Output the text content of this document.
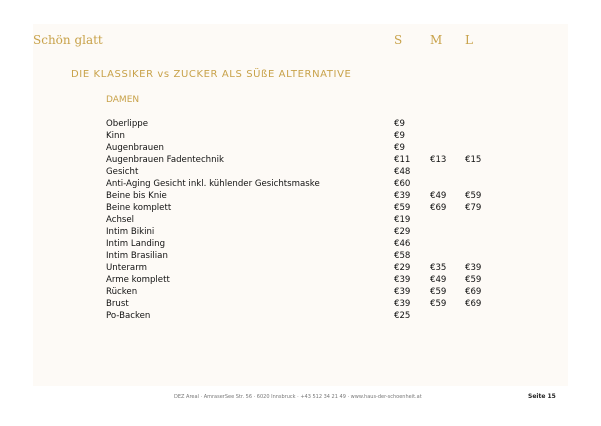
Schön glatt	S M L
DIE KLASSIKER vs ZUCKER ALS SÜßE ALTERNATIVE
DAMEN
Oberlippe	€9
Kinn	€9
Augenbrauen	€9
Augenbrauen Fadentechnik	€11 €13 €15
Gesicht	€48
Anti-Aging Gesicht inkl. kühlender Gesichtsmaske	€60
Beine bis Knie	€39 €49 €59
Beine komplett	€59 €69 €79
Achsel	€19
Intim Bikini	€29
Intim Landing	€46
Intim Brasilian	€58
Unterarm	€29 €35 €39
Arme komplett	€39 €49 €59
Rücken	€39 €59 €69
Brust	€39 €59 €69
Po-Backen	€25
DEZ Areal · AmraserSee Str. 56 · 6020 Innsbruck · +43 512 34 21 49 · www.haus-der-schoenheit.at	Seite 15
